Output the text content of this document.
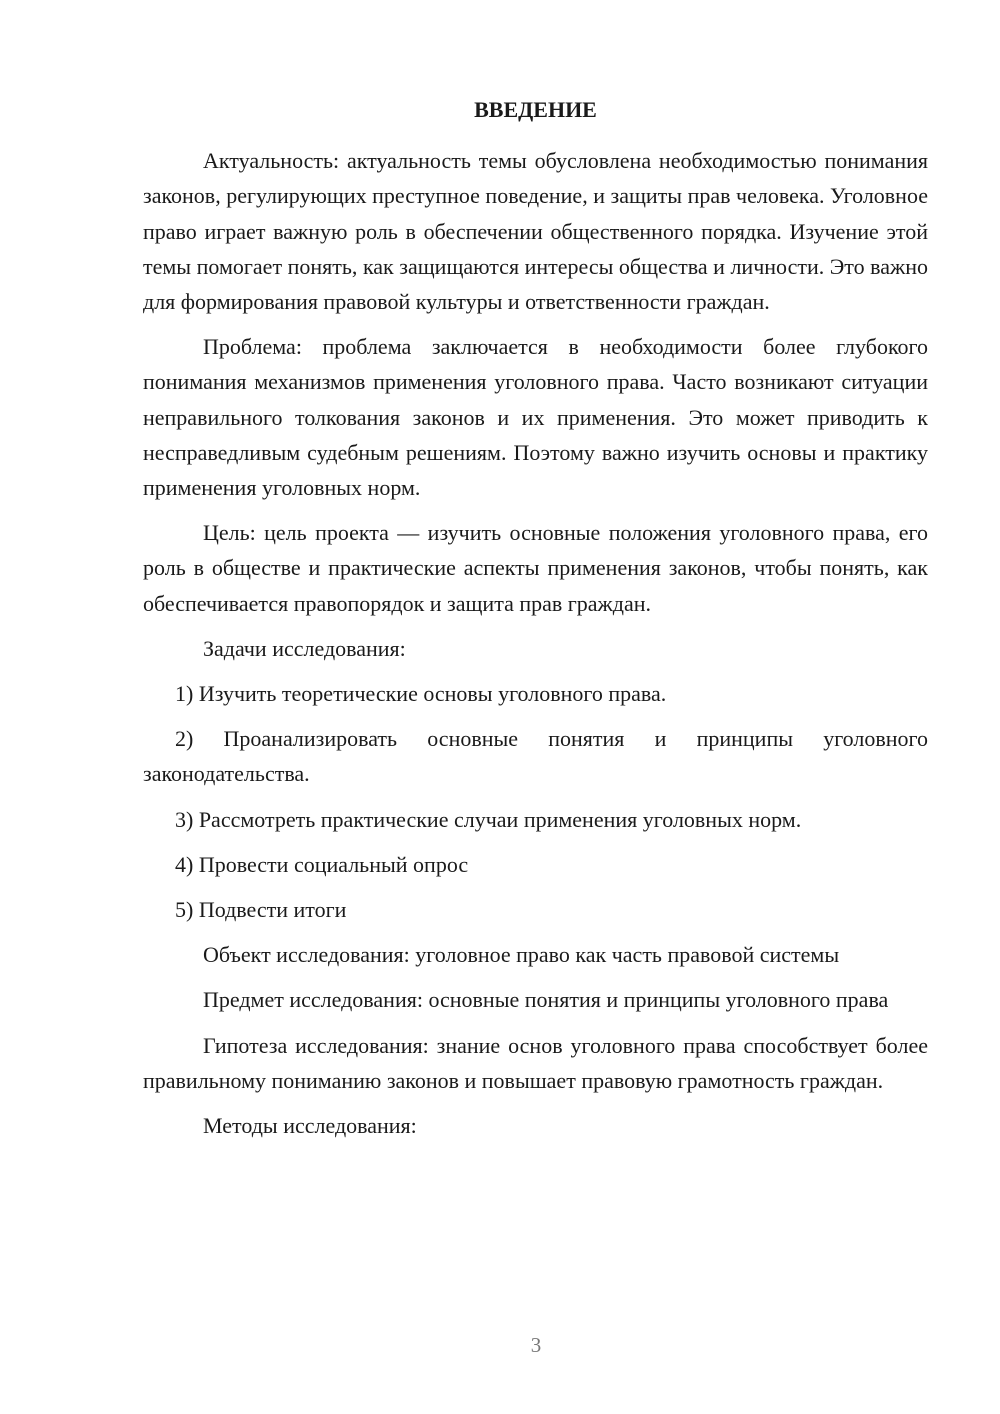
ВВЕДЕНИЕ

Актуальность: актуальность темы обусловлена необходимостью понимания законов, регулирующих преступное поведение, и защиты прав человека. Уголовное право играет важную роль в обеспечении общественного порядка. Изучение этой темы помогает понять, как защищаются интересы общества и личности. Это важно для формирования правовой культуры и ответственности граждан.

Проблема: проблема заключается в необходимости более глубокого понимания механизмов применения уголовного права. Часто возникают ситуации неправильного толкования законов и их применения. Это может приводить к несправедливым судебным решениям. Поэтому важно изучить основы и практику применения уголовных норм.

Цель: цель проекта — изучить основные положения уголовного права, его роль в обществе и практические аспекты применения законов, чтобы понять, как обеспечивается правопорядок и защита прав граждан.

Задачи исследования:

1) Изучить теоретические основы уголовного права.

2) Проанализировать основные понятия и принципы уголовного законодательства.

3) Рассмотреть практические случаи применения уголовных норм.

4) Провести социальный опрос

5) Подвести итоги

Объект исследования: уголовное право как часть правовой системы

Предмет исследования: основные понятия и принципы уголовного права

Гипотеза исследования: знание основ уголовного права способствует более правильному пониманию законов и повышает правовую грамотность граждан.

Методы исследования:

3
